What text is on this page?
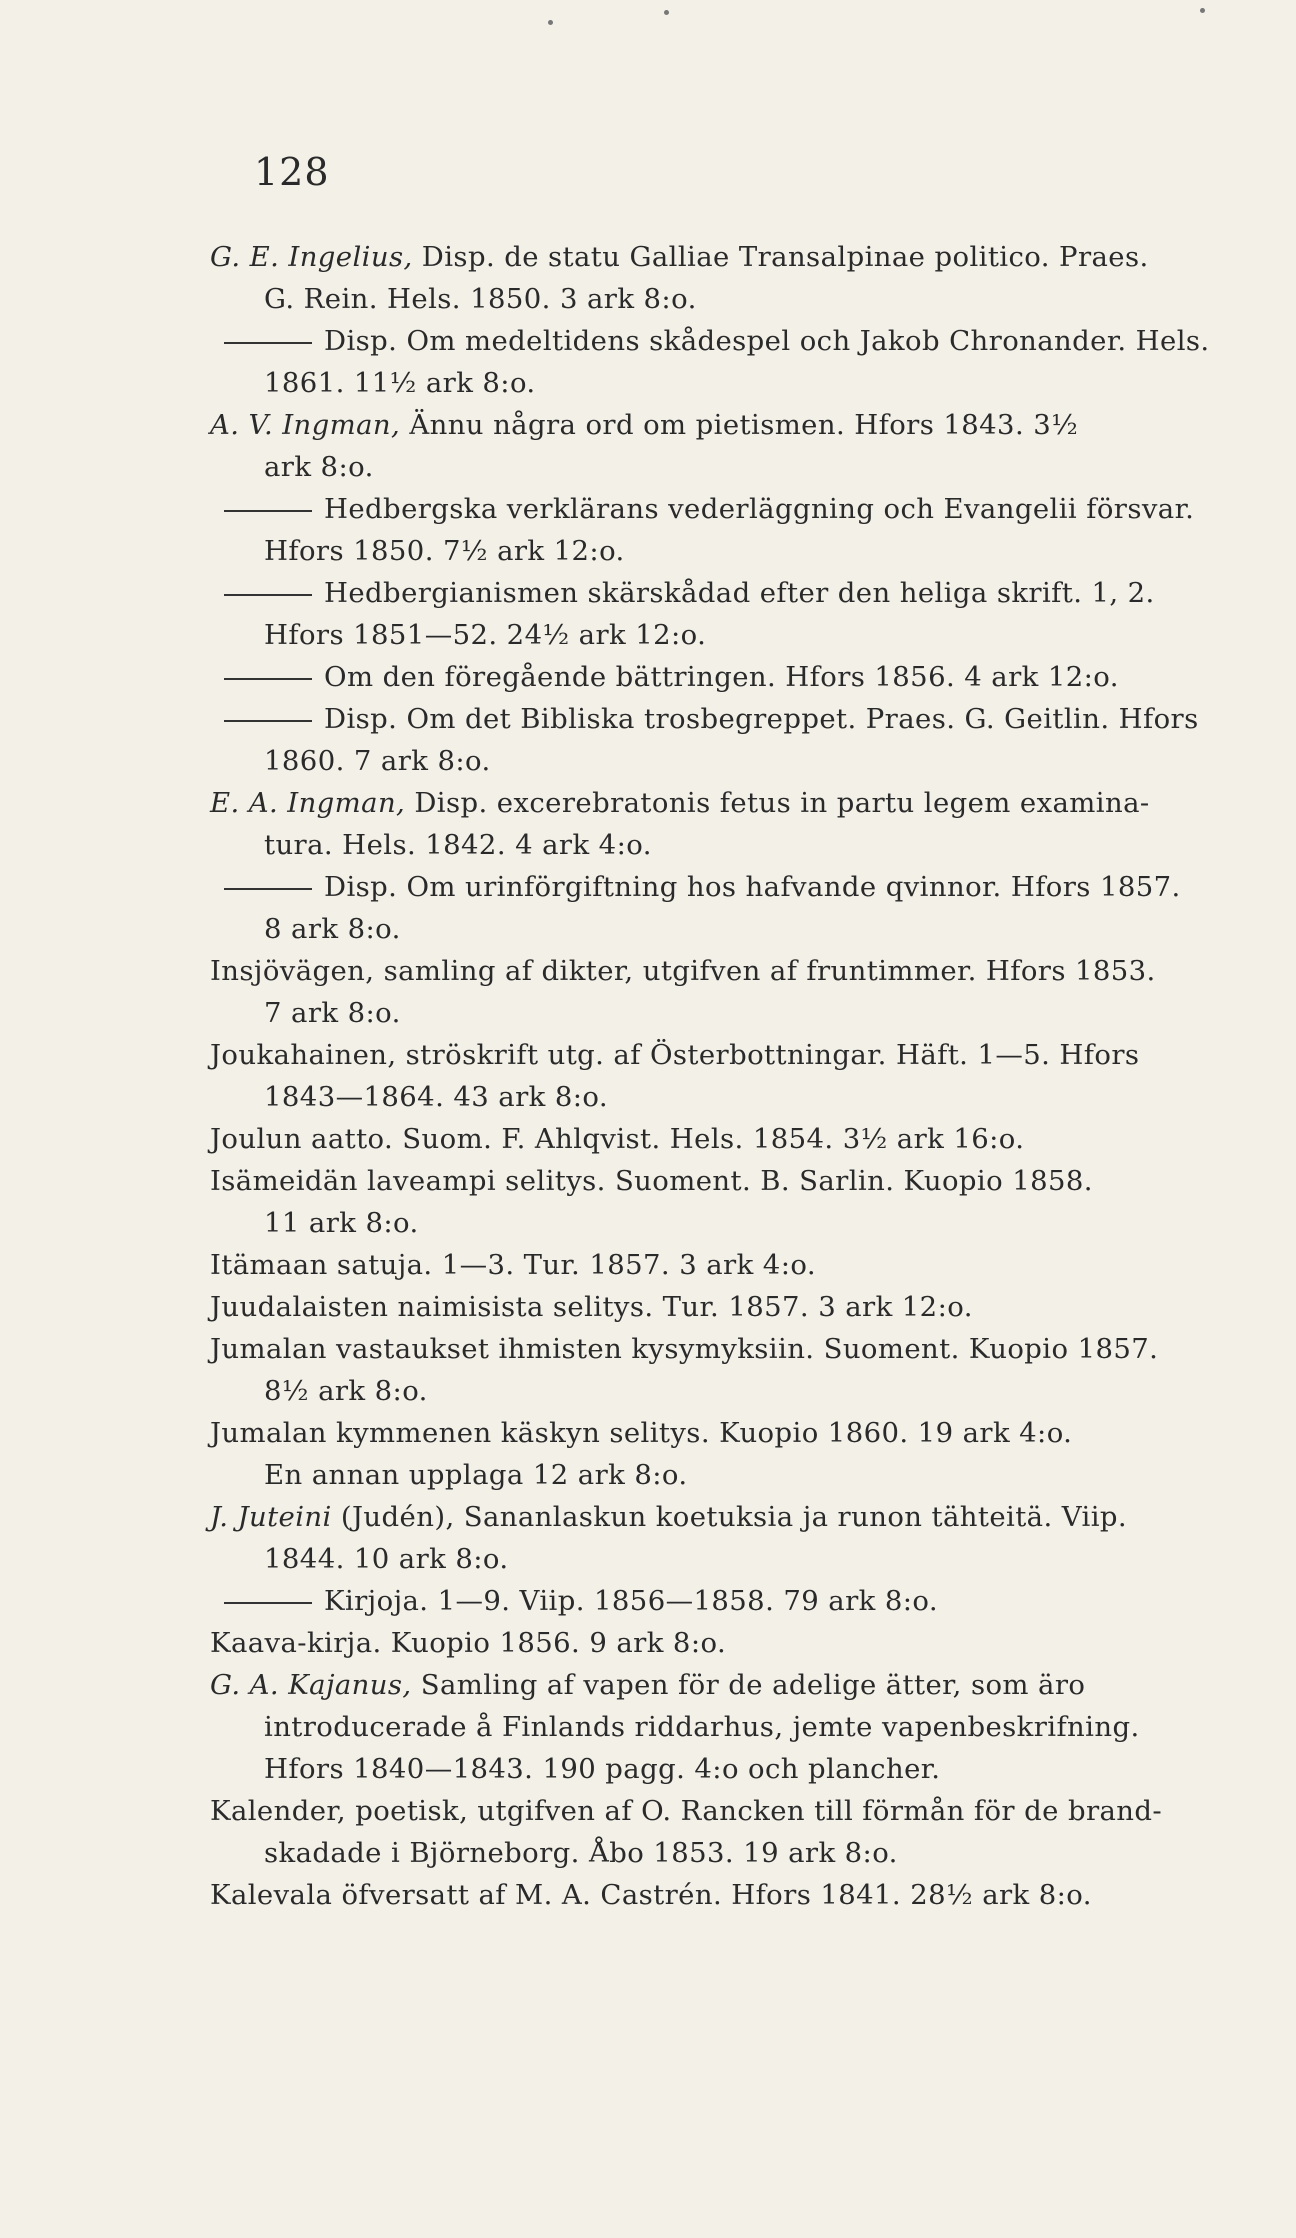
128
G. E. Ingelius, Disp. de statu Galliae Transalpinae politico. Praes.
G. Rein. Hels. 1850. 3 ark 8:o.
Disp. Om medeltidens skådespel och Jakob Chronander. Hels.
1861. 11½ ark 8:o.
A. V. Ingman, Ännu några ord om pietismen. Hfors 1843. 3½
ark 8:o.
Hedbergska verklärans vederläggning och Evangelii försvar.
Hfors 1850. 7½ ark 12:o.
Hedbergianismen skärskådad efter den heliga skrift. 1, 2.
Hfors 1851—52. 24½ ark 12:o.
Om den föregående bättringen. Hfors 1856. 4 ark 12:o.
Disp. Om det Bibliska trosbegreppet. Praes. G. Geitlin. Hfors
1860. 7 ark 8:o.
E. A. Ingman, Disp. excerebratonis fetus in partu legem examina-
tura. Hels. 1842. 4 ark 4:o.
Disp. Om urinförgiftning hos hafvande qvinnor. Hfors 1857.
8 ark 8:o.
Insjövägen, samling af dikter, utgifven af fruntimmer. Hfors 1853.
7 ark 8:o.
Joukahainen, ströskrift utg. af Österbottningar. Häft. 1—5. Hfors
1843—1864. 43 ark 8:o.
Joulun aatto. Suom. F. Ahlqvist. Hels. 1854. 3½ ark 16:o.
Isämeidän laveampi selitys. Suoment. B. Sarlin. Kuopio 1858.
11 ark 8:o.
Itämaan satuja. 1—3. Tur. 1857. 3 ark 4:o.
Juudalaisten naimisista selitys. Tur. 1857. 3 ark 12:o.
Jumalan vastaukset ihmisten kysymyksiin. Suoment. Kuopio 1857.
8½ ark 8:o.
Jumalan kymmenen käskyn selitys. Kuopio 1860. 19 ark 4:o.
En annan upplaga 12 ark 8:o.
J. Juteini (Judén), Sananlaskun koetuksia ja runon tähteitä. Viip.
1844. 10 ark 8:o.
Kirjoja. 1—9. Viip. 1856—1858. 79 ark 8:o.
Kaava-kirja. Kuopio 1856. 9 ark 8:o.
G. A. Kajanus, Samling af vapen för de adelige ätter, som äro
introducerade å Finlands riddarhus, jemte vapenbeskrifning.
Hfors 1840—1843. 190 pagg. 4:o och plancher.
Kalender, poetisk, utgifven af O. Rancken till förmån för de brand-
skadade i Björneborg. Åbo 1853. 19 ark 8:o.
Kalevala öfversatt af M. A. Castrén. Hfors 1841. 28½ ark 8:o.
